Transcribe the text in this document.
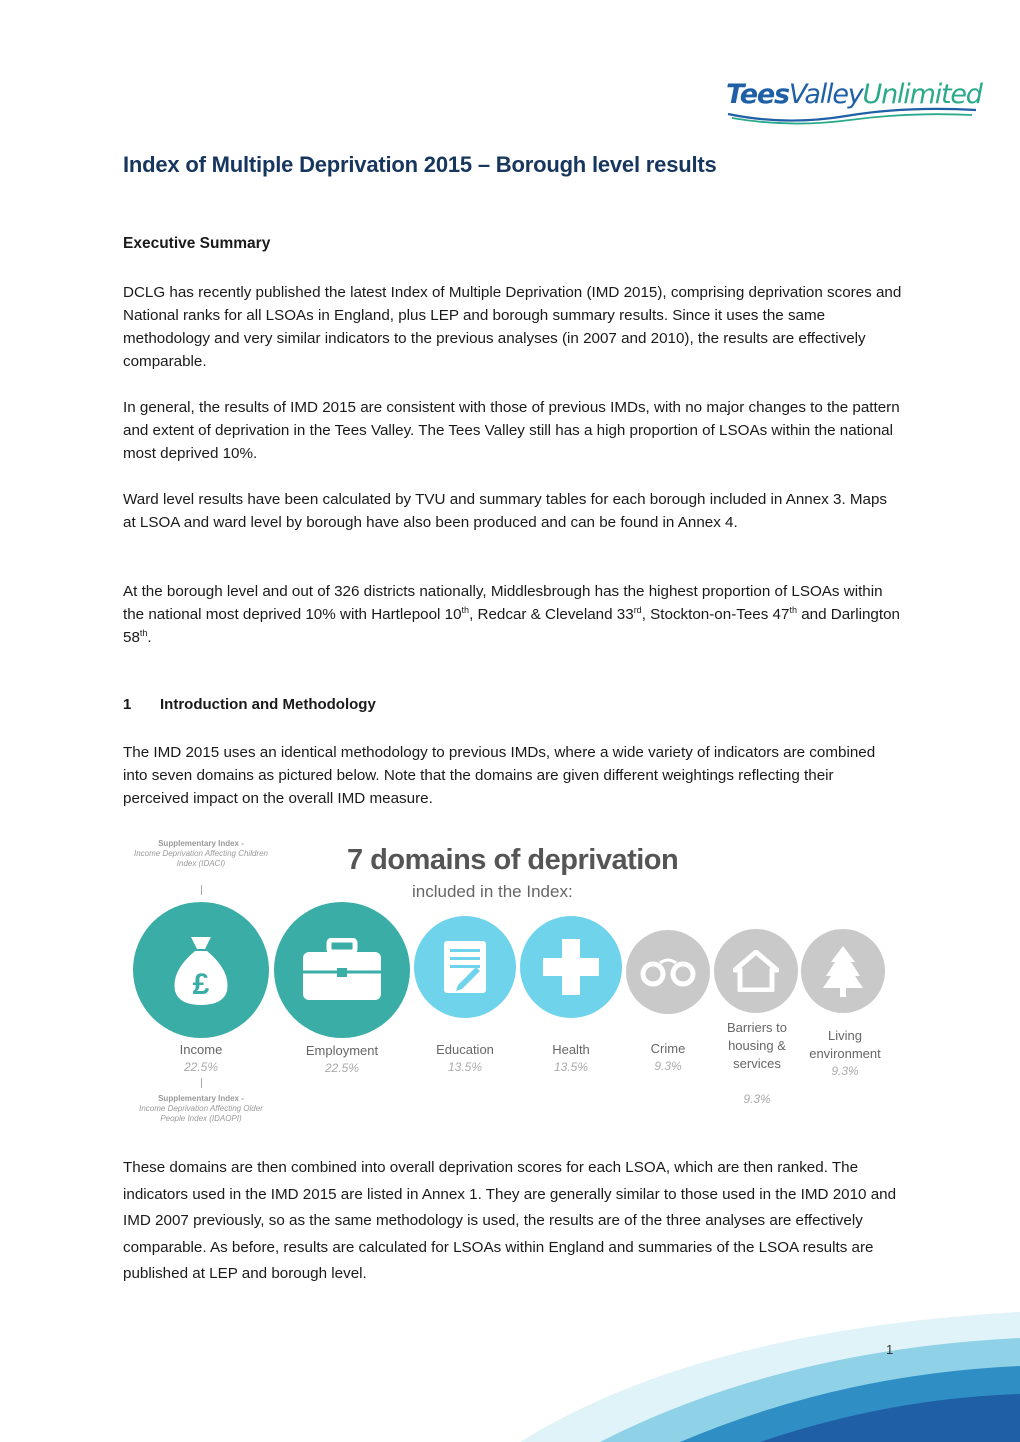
TeesValleyUnlimited
Index of Multiple Deprivation 2015 – Borough level results
Executive Summary

DCLG has recently published the latest Index of Multiple Deprivation (IMD 2015), comprising deprivation scores and National ranks for all LSOAs in England, plus LEP and borough summary results. Since it uses the same methodology and very similar indicators to the previous analyses (in 2007 and 2010), the results are effectively comparable.

In general, the results of IMD 2015 are consistent with those of previous IMDs, with no major changes to the pattern and extent of deprivation in the Tees Valley. The Tees Valley still has a high proportion of LSOAs within the national most deprived 10%.

Ward level results have been calculated by TVU and summary tables for each borough included in Annex 3. Maps at LSOA and ward level by borough have also been produced and can be found in Annex 4.

At the borough level and out of 326 districts nationally, Middlesbrough has the highest proportion of LSOAs within the national most deprived 10% with Hartlepool 10th, Redcar & Cleveland 33rd, Stockton-on-Tees 47th and Darlington 58th.

1 Introduction and Methodology

The IMD 2015 uses an identical methodology to previous IMDs, where a wide variety of indicators are combined into seven domains as pictured below. Note that the domains are given different weightings reflecting their perceived impact on the overall IMD measure.

Supplementary Index -
Income Deprivation Affecting Children Index (IDACI)	7 domains of deprivation
included in the Index:
£
Income
22.5%
Employment
22.5%
Education
13.5%
Health
13.5%
Crime
9.3%
Barriers to housing & services
9.3%
Living environment
9.3%
Supplementary Index -
Income Deprivation Affecting Older People Index (IDAOPI)

These domains are then combined into overall deprivation scores for each LSOA, which are then ranked. The indicators used in the IMD 2015 are listed in Annex 1. They are generally similar to those used in the IMD 2010 and IMD 2007 previously, so as the same methodology is used, the results are of the three analyses are effectively comparable. As before, results are calculated for LSOAs within England and summaries of the LSOA results are published at LEP and borough level.

1
